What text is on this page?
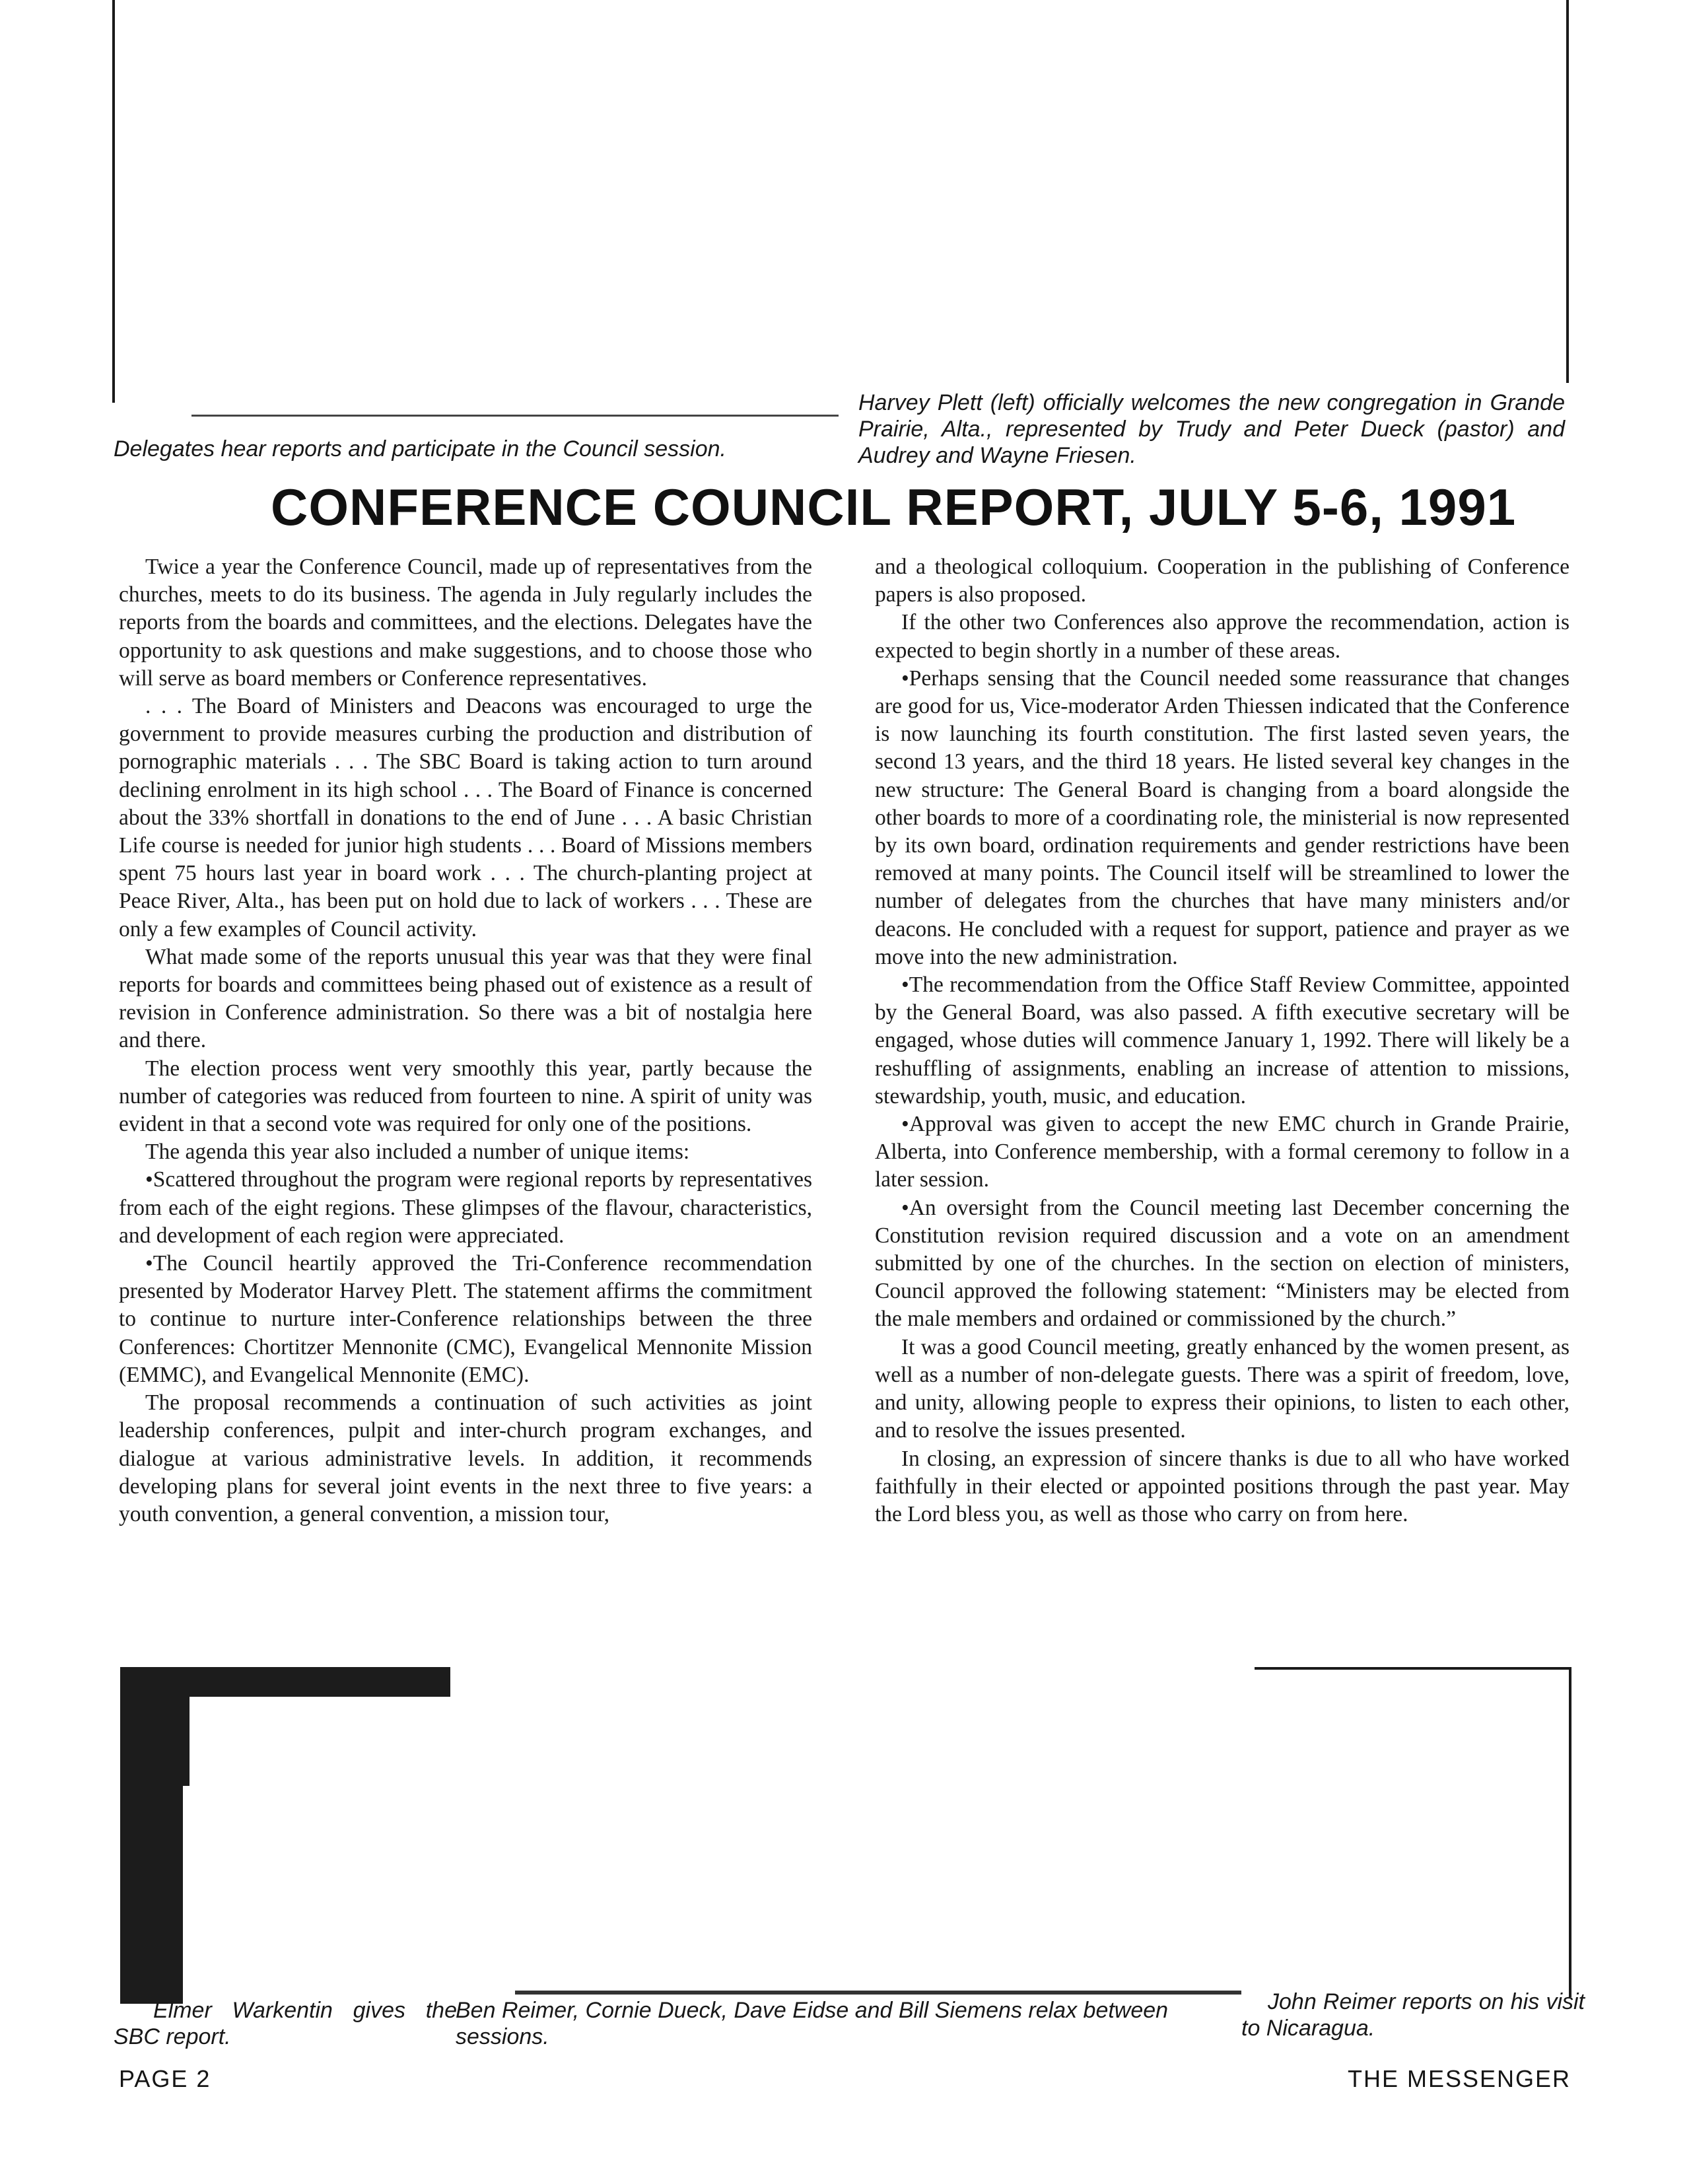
Delegates hear reports and participate in the Council session.
Harvey Plett (left) officially welcomes the new congregation in Grande Prairie, Alta., represented by Trudy and Peter Dueck (pastor) and Audrey and Wayne Friesen.
CONFERENCE COUNCIL REPORT, JULY 5-6, 1991

Twice a year the Conference Council, made up of representatives from the churches, meets to do its business. The agenda in July regularly includes the reports from the boards and committees, and the elections. Delegates have the opportunity to ask questions and make suggestions, and to choose those who will serve as board members or Conference representatives.

. . . The Board of Ministers and Deacons was encouraged to urge the government to provide measures curbing the production and distribution of pornographic materials . . . The SBC Board is taking action to turn around declining enrolment in its high school . . . The Board of Finance is concerned about the 33% shortfall in donations to the end of June . . . A basic Christian Life course is needed for junior high students . . . Board of Missions members spent 75 hours last year in board work . . . The church-planting project at Peace River, Alta., has been put on hold due to lack of workers . . . These are only a few examples of Council activity.

What made some of the reports unusual this year was that they were final reports for boards and committees being phased out of existence as a result of revision in Conference administration. So there was a bit of nostalgia here and there.

The election process went very smoothly this year, partly because the number of categories was reduced from fourteen to nine. A spirit of unity was evident in that a second vote was required for only one of the positions.

The agenda this year also included a number of unique items:

•Scattered throughout the program were regional reports by representatives from each of the eight regions. These glimpses of the flavour, characteristics, and development of each region were appreciated.

•The Council heartily approved the Tri-Conference recommendation presented by Moderator Harvey Plett. The statement affirms the commitment to continue to nurture inter-Conference relationships between the three Conferences: Chortitzer Mennonite (CMC), Evangelical Mennonite Mission (EMMC), and Evangelical Mennonite (EMC).

The proposal recommends a continuation of such activities as joint leadership conferences, pulpit and inter-church program exchanges, and dialogue at various administrative levels. In addition, it recommends developing plans for several joint events in the next three to five years: a youth convention, a general convention, a mission tour,

and a theological colloquium. Cooperation in the publishing of Conference papers is also proposed.

If the other two Conferences also approve the recommendation, action is expected to begin shortly in a number of these areas.

•Perhaps sensing that the Council needed some reassurance that changes are good for us, Vice-moderator Arden Thiessen indicated that the Conference is now launching its fourth constitution. The first lasted seven years, the second 13 years, and the third 18 years. He listed several key changes in the new structure: The General Board is changing from a board alongside the other boards to more of a coordinating role, the ministerial is now represented by its own board, ordination requirements and gender restrictions have been removed at many points. The Council itself will be streamlined to lower the number of delegates from the churches that have many ministers and/or deacons. He concluded with a request for support, patience and prayer as we move into the new administration.

•The recommendation from the Office Staff Review Committee, appointed by the General Board, was also passed. A fifth executive secretary will be engaged, whose duties will commence January 1, 1992. There will likely be a reshuffling of assignments, enabling an increase of attention to missions, stewardship, youth, music, and education.

•Approval was given to accept the new EMC church in Grande Prairie, Alberta, into Conference membership, with a formal ceremony to follow in a later session.

•An oversight from the Council meeting last December concerning the Constitution revision required discussion and a vote on an amendment submitted by one of the churches. In the section on election of ministers, Council approved the following statement: “Ministers may be elected from the male members and ordained or commissioned by the church.”

It was a good Council meeting, greatly enhanced by the women present, as well as a number of non-delegate guests. There was a spirit of freedom, love, and unity, allowing people to express their opinions, to listen to each other, and to resolve the issues presented.

In closing, an expression of sincere thanks is due to all who have worked faithfully in their elected or appointed positions through the past year. May the Lord bless you, as well as those who carry on from here.

Elmer Warkentin gives the SBC report.
Ben Reimer, Cornie Dueck, Dave Eidse and Bill Siemens relax between sessions.
John Reimer reports on his visit to Nicaragua.
PAGE 2	THE MESSENGER
